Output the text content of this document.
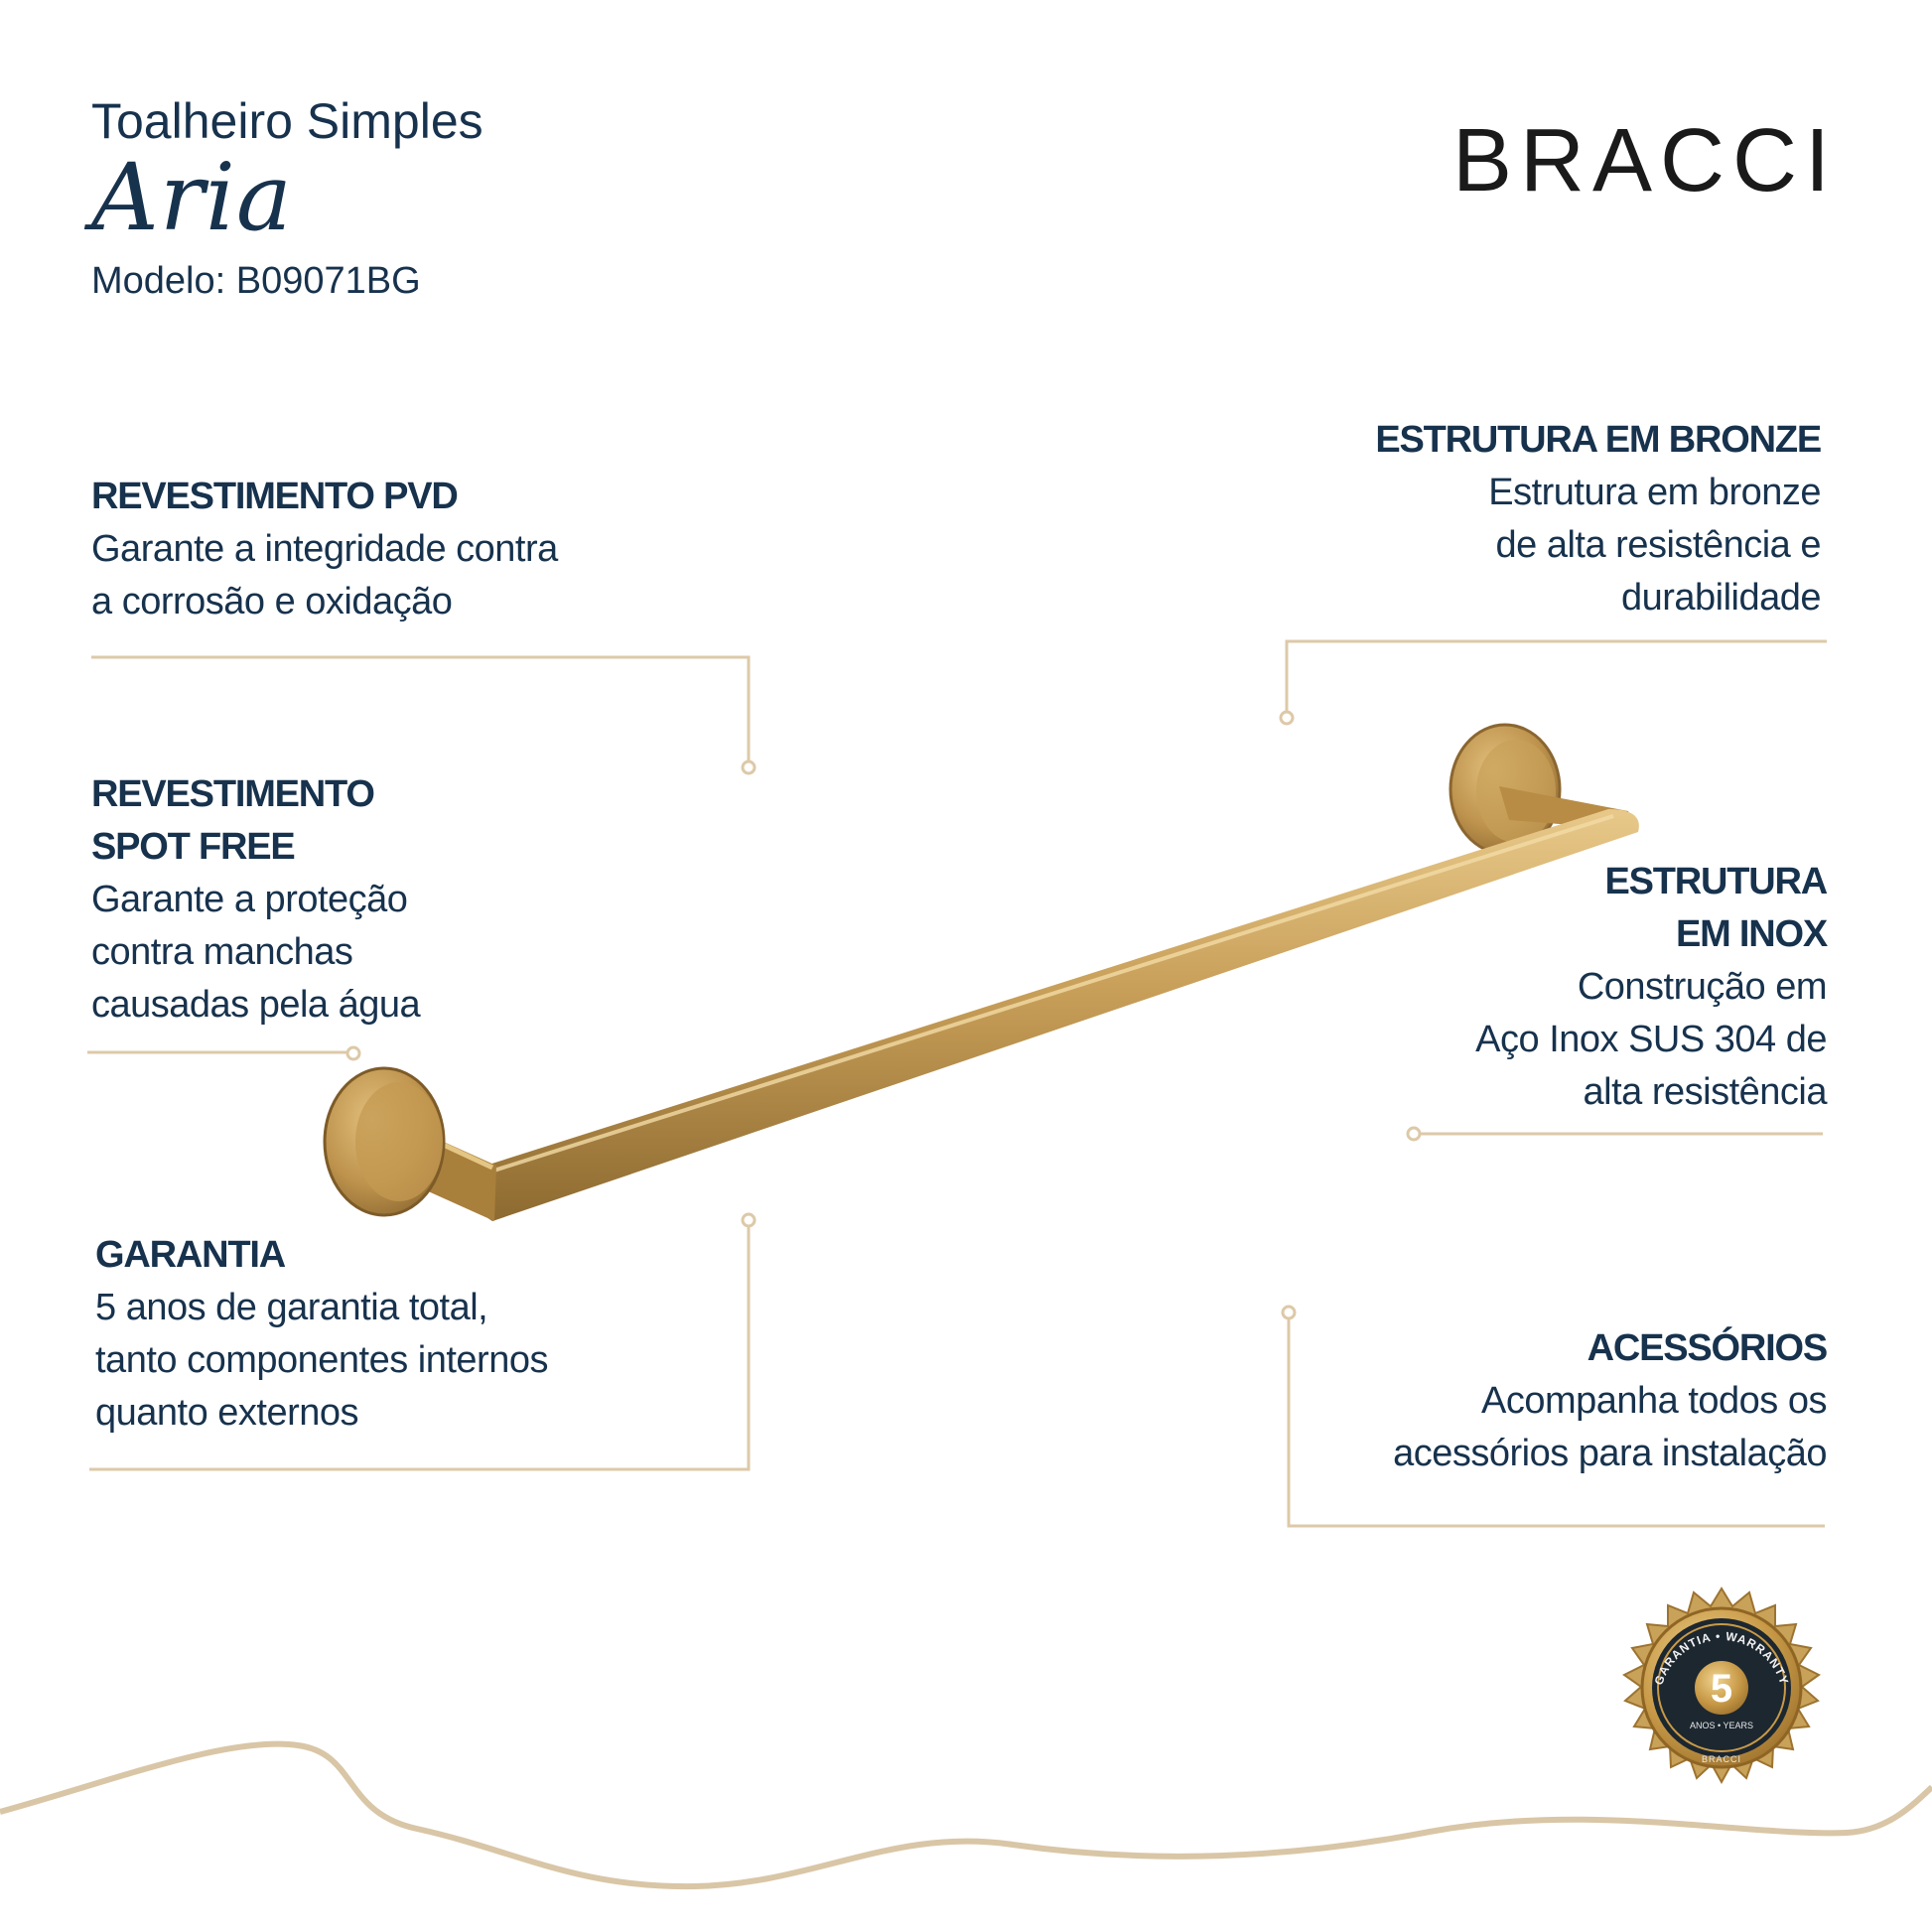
GARANTIA • WARRANTY
5
ANOS • YEARS
BRACCI
Toalheiro Simples
Aria
Modelo: B09071BG
BRACCI
REVESTIMENTO PVD
Garante a integridade contra
a corrosão e oxidação
REVESTIMENTO
SPOT FREE
Garante a proteção
contra manchas
causadas pela água
GARANTIA
5 anos de garantia total,
tanto componentes internos
quanto externos
ESTRUTURA EM BRONZE
Estrutura em bronze
de alta resistência e
durabilidade
ESTRUTURA
EM INOX
Construção em
Aço Inox SUS 304 de
alta resistência
ACESSÓRIOS
Acompanha todos os
acessórios para instalação
